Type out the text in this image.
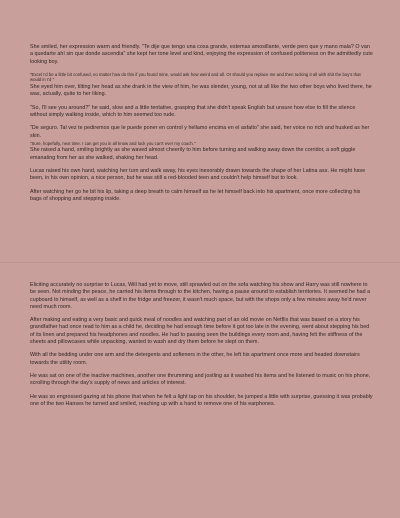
She smiled, her expression warm and friendly. "Te dije que tengo una cosa grande, estemas amosillante, verde pero que y mano mala? O van a quedarte ahí sin que donde ascendia" she kept her tone level and kind, enjoying the expression of confused politeness on the admittedly cute looking boy.

"Excel I'd be a little bit confused, no matter how do this if you found mine, would ask how weird and all. Or should you replace me and then tucking it all with shit the boy's that would in I'd "

She eyed him over, tilting her head as she drank in the view of him, he was slender, young, not at all like the two other boys who lived there, he was, actually, quite to her liking.

"So, I'll see you around?" he said, slow and a little tentative, grasping that she didn't speak English but unsure how else to fill the silence without simply walking inside, which to him seemed too rude.

"De seguro. Tal vez te pediremos que le puede poner en control y hellamo encima en el asfalto" she said, her voice no rich and husked as her skin.

"Sure, hopefully, next time. I can get you in all know and luck you can't ever my couch."

She raised a hand, smiling brightly as she waved almost cheerily to him before turning and walking away down the corridor, a soft giggle emanating from her as she walked, shaking her head.

Lucas raised his own hand, watching her turn and walk away, his eyes inexorably drawn towards the shape of her Latina ass. He might have been, in his own opinion, a nice person, but he was still a red-blooded teen and couldn't help himself but to look.

After watching her go he bit his lip, taking a deep breath to calm himself as he let himself back into his apartment, once more collecting his bags of shopping and stepping inside.

Eliciting accurately no surprise to Lucas, Will had yet to move, still sprawled out on the sofa watching his show and Harry was still nowhere to be seen. Not minding the peace, he carried his items through to the kitchen, having a pause around to establish territories. It seemed he had a cupboard to himself, as well as a shelf in the fridge and freezer, it wasn't much space, but with the shops only a few minutes away he'd never need much room.

After making and eating a very basic and quick meal of noodles and watching part of an old movie on Netflix that was based on a story his grandfather had once read to him as a child he, deciding he had enough time before it got too late in the evening, went about stepping his bed of its linen and prepared his headphones and noodles. He had to passing seen the buildings every room and, having felt the stiffness of the sheets and pillowcases while unpacking, wanted to wash and dry them before he slept on them.

With all the bedding under one arm and the detergents and softeners in the other, he left his apartment once more and headed downstairs towards the utility room.

He was sat on one of the inactive machines, another one thrumming and jostling as it washed his items and he listened to music on his phone, scrolling through the day's supply of news and articles of interest.

He was so engrossed gazing at his phone that when he felt a light tap on his shoulder, he jumped a little with surprise, guessing it was probably one of the two Hanses he turned and smiled, reaching up with a hand to remove one of his earphones.
